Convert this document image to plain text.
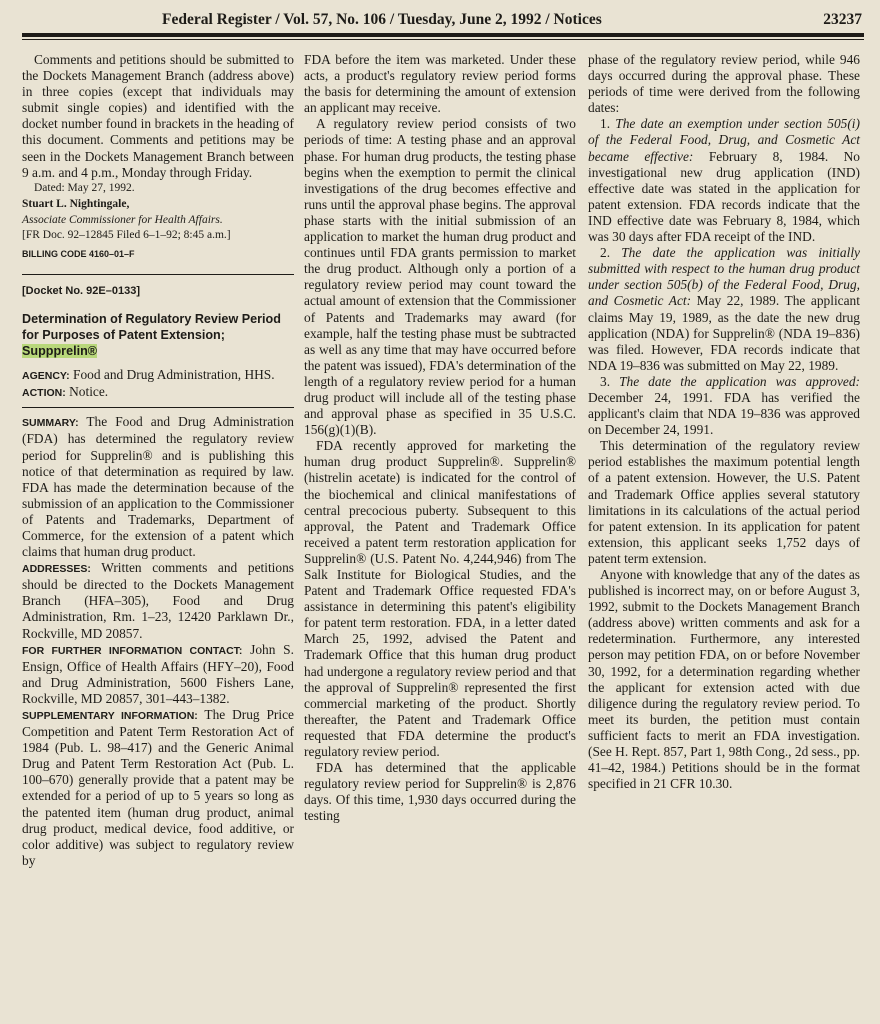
Federal Register / Vol. 57, No. 106 / Tuesday, June 2, 1992 / Notices	23237

Comments and petitions should be submitted to the Dockets Management Branch (address above) in three copies (except that individuals may submit single copies) and identified with the docket number found in brackets in the heading of this document. Comments and petitions may be seen in the Dockets Management Branch between 9 a.m. and 4 p.m., Monday through Friday.

Dated: May 27, 1992.

Stuart L. Nightingale,

Associate Commissioner for Health Affairs.

[FR Doc. 92–12845 Filed 6–1–92; 8:45 a.m.]

BILLING CODE 4160–01–F
[Docket No. 92E–0133]
Determination of Regulatory Review Period for Purposes of Patent Extension; Suppprelin®

AGENCY: Food and Drug Administration, HHS.

ACTION: Notice.

SUMMARY: The Food and Drug Administration (FDA) has determined the regulatory review period for Supprelin® and is publishing this notice of that determination as required by law. FDA has made the determination because of the submission of an application to the Commissioner of Patents and Trademarks, Department of Commerce, for the extension of a patent which claims that human drug product.

ADDRESSES: Written comments and petitions should be directed to the Dockets Management Branch (HFA–305), Food and Drug Administration, Rm. 1–23, 12420 Parklawn Dr., Rockville, MD 20857.

FOR FURTHER INFORMATION CONTACT: John S. Ensign, Office of Health Affairs (HFY–20), Food and Drug Administration, 5600 Fishers Lane, Rockville, MD 20857, 301–443–1382.

SUPPLEMENTARY INFORMATION: The Drug Price Competition and Patent Term Restoration Act of 1984 (Pub. L. 98–417) and the Generic Animal Drug and Patent Term Restoration Act (Pub. L. 100–670) generally provide that a patent may be extended for a period of up to 5 years so long as the patented item (human drug product, animal drug product, medical device, food additive, or color additive) was subject to regulatory review by

FDA before the item was marketed. Under these acts, a product's regulatory review period forms the basis for determining the amount of extension an applicant may receive.

A regulatory review period consists of two periods of time: A testing phase and an approval phase. For human drug products, the testing phase begins when the exemption to permit the clinical investigations of the drug becomes effective and runs until the approval phase begins. The approval phase starts with the initial submission of an application to market the human drug product and continues until FDA grants permission to market the drug product. Although only a portion of a regulatory review period may count toward the actual amount of extension that the Commissioner of Patents and Trademarks may award (for example, half the testing phase must be subtracted as well as any time that may have occurred before the patent was issued), FDA's determination of the length of a regulatory review period for a human drug product will include all of the testing phase and approval phase as specified in 35 U.S.C. 156(g)(1)(B).

FDA recently approved for marketing the human drug product Supprelin®. Supprelin® (histrelin acetate) is indicated for the control of the biochemical and clinical manifestations of central precocious puberty. Subsequent to this approval, the Patent and Trademark Office received a patent term restoration application for Supprelin® (U.S. Patent No. 4,244,946) from The Salk Institute for Biological Studies, and the Patent and Trademark Office requested FDA's assistance in determining this patent's eligibility for patent term restoration. FDA, in a letter dated March 25, 1992, advised the Patent and Trademark Office that this human drug product had undergone a regulatory review period and that the approval of Supprelin® represented the first commercial marketing of the product. Shortly thereafter, the Patent and Trademark Office requested that FDA determine the product's regulatory review period.

FDA has determined that the applicable regulatory review period for Supprelin® is 2,876 days. Of this time, 1,930 days occurred during the testing

phase of the regulatory review period, while 946 days occurred during the approval phase. These periods of time were derived from the following dates:

1. The date an exemption under section 505(i) of the Federal Food, Drug, and Cosmetic Act became effective: February 8, 1984. No investigational new drug application (IND) effective date was stated in the application for patent extension. FDA records indicate that the IND effective date was February 8, 1984, which was 30 days after FDA receipt of the IND.

2. The date the application was initially submitted with respect to the human drug product under section 505(b) of the Federal Food, Drug, and Cosmetic Act: May 22, 1989. The applicant claims May 19, 1989, as the date the new drug application (NDA) for Supprelin® (NDA 19–836) was filed. However, FDA records indicate that NDA 19–836 was submitted on May 22, 1989.

3. The date the application was approved: December 24, 1991. FDA has verified the applicant's claim that NDA 19–836 was approved on December 24, 1991.

This determination of the regulatory review period establishes the maximum potential length of a patent extension. However, the U.S. Patent and Trademark Office applies several statutory limitations in its calculations of the actual period for patent extension. In its application for patent extension, this applicant seeks 1,752 days of patent term extension.

Anyone with knowledge that any of the dates as published is incorrect may, on or before August 3, 1992, submit to the Dockets Management Branch (address above) written comments and ask for a redetermination. Furthermore, any interested person may petition FDA, on or before November 30, 1992, for a determination regarding whether the applicant for extension acted with due diligence during the regulatory review period. To meet its burden, the petition must contain sufficient facts to merit an FDA investigation. (See H. Rept. 857, Part 1, 98th Cong., 2d sess., pp. 41–42, 1984.) Petitions should be in the format specified in 21 CFR 10.30.
